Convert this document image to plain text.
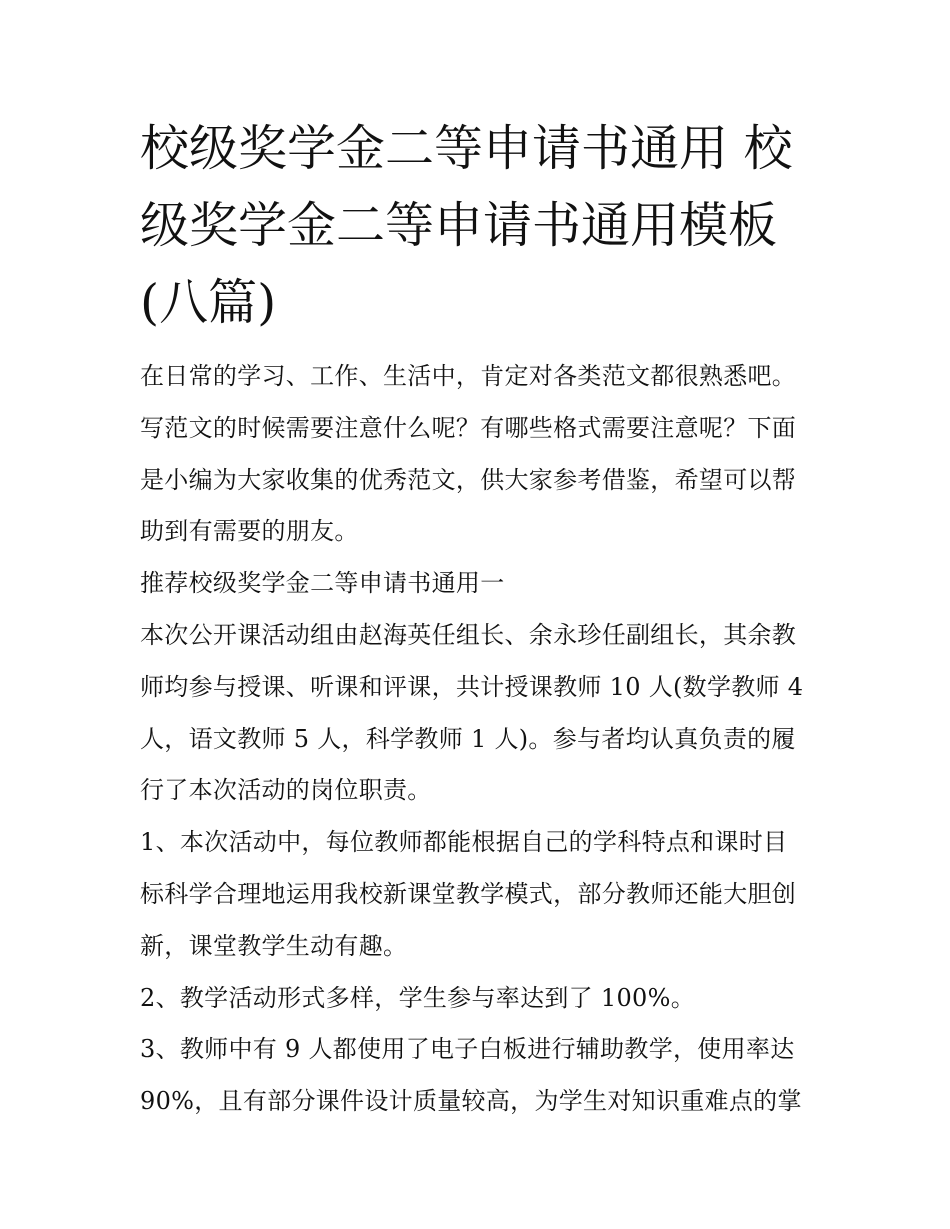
校级奖学金二等申请书通用 校
级奖学金二等申请书通用模板
(八篇)
在日常的学习、工作、生活中，肯定对各类范文都很熟悉吧。
写范文的时候需要注意什么呢？有哪些格式需要注意呢？下面
是小编为大家收集的优秀范文，供大家参考借鉴，希望可以帮
助到有需要的朋友。
推荐校级奖学金二等申请书通用一
本次公开课活动组由赵海英任组长、余永珍任副组长，其余教
师均参与授课、听课和评课，共计授课教师 10 人(数学教师 4
人，语文教师 5 人，科学教师 1 人)。参与者均认真负责的履
行了本次活动的岗位职责。
1、本次活动中，每位教师都能根据自己的学科特点和课时目
标科学合理地运用我校新课堂教学模式，部分教师还能大胆创
新，课堂教学生动有趣。
2、教学活动形式多样，学生参与率达到了 100%。
3、教师中有 9 人都使用了电子白板进行辅助教学，使用率达
90%，且有部分课件设计质量较高，为学生对知识重难点的掌
